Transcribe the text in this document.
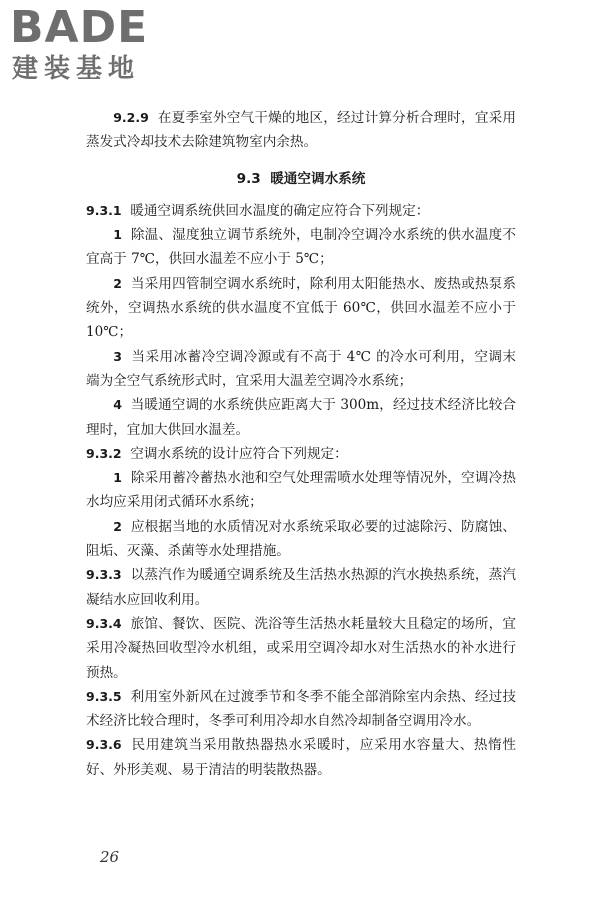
BADE
建装基地

9.2.9 在夏季室外空气干燥的地区，经过计算分析合理时，宜采用蒸发式冷却技术去除建筑物室内余热。

9.3 暖通空调水系统

9.3.1 暖通空调系统供回水温度的确定应符合下列规定：

1 除温、湿度独立调节系统外，电制冷空调冷水系统的供水温度不宜高于 7℃，供回水温差不应小于 5℃；

2 当采用四管制空调水系统时，除利用太阳能热水、废热或热泵系统外，空调热水系统的供水温度不宜低于 60℃，供回水温差不应小于 10℃；

3 当采用冰蓄冷空调冷源或有不高于 4℃ 的冷水可利用，空调末端为全空气系统形式时，宜采用大温差空调冷水系统；

4 当暖通空调的水系统供应距离大于 300m，经过技术经济比较合理时，宜加大供回水温差。

9.3.2 空调水系统的设计应符合下列规定：

1 除采用蓄冷蓄热水池和空气处理需喷水处理等情况外，空调冷热水均应采用闭式循环水系统；

2 应根据当地的水质情况对水系统采取必要的过滤除污、防腐蚀、阻垢、灭藻、杀菌等水处理措施。

9.3.3 以蒸汽作为暖通空调系统及生活热水热源的汽水换热系统，蒸汽凝结水应回收利用。

9.3.4 旅馆、餐饮、医院、洗浴等生活热水耗量较大且稳定的场所，宜采用冷凝热回收型冷水机组，或采用空调冷却水对生活热水的补水进行预热。

9.3.5 利用室外新风在过渡季节和冬季不能全部消除室内余热、经过技术经济比较合理时，冬季可利用冷却水自然冷却制备空调用冷水。

9.3.6 民用建筑当采用散热器热水采暖时，应采用水容量大、热惰性好、外形美观、易于清洁的明装散热器。

26
